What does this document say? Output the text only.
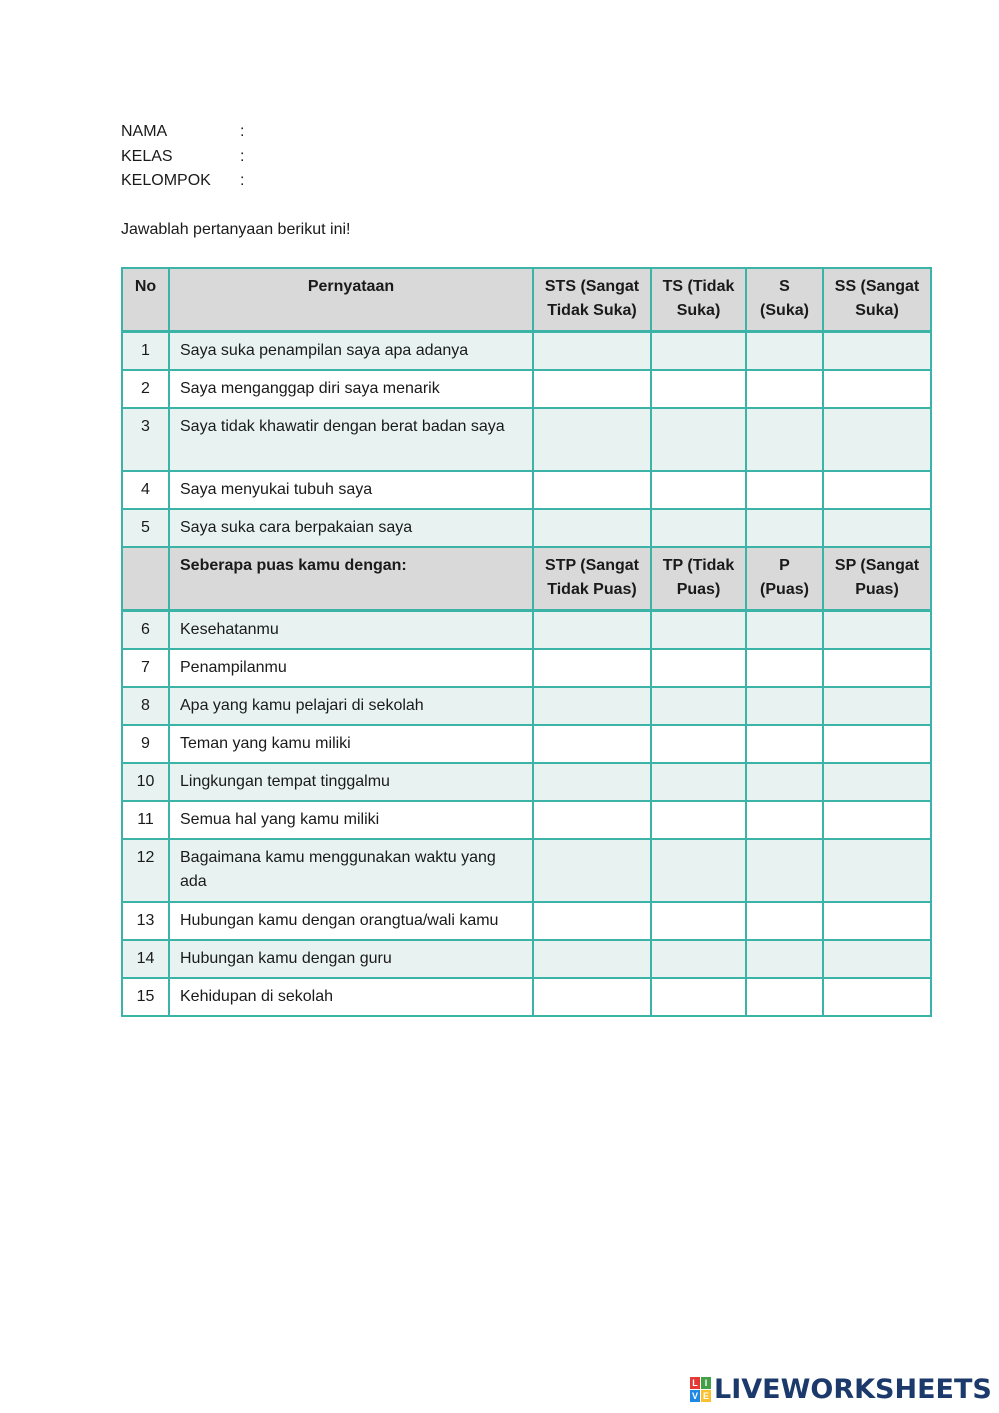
NAMA	:
KELAS	:
KELOMPOK	:
Jawablah pertanyaan berikut ini!
No	Pernyataan	STS (Sangat Tidak Suka)	TS (Tidak Suka)	S (Suka)	SS (Sangat Suka)
1	Saya suka penampilan saya apa adanya				
2	Saya menganggap diri saya menarik				
3	Saya tidak khawatir dengan berat badan saya				
4	Saya menyukai tubuh saya				
5	Saya suka cara berpakaian saya				
	Seberapa puas kamu dengan:	STP (Sangat Tidak Puas)	TP (Tidak Puas)	P (Puas)	SP (Sangat Puas)
6	Kesehatanmu				
7	Penampilanmu				
8	Apa yang kamu pelajari di sekolah				
9	Teman yang kamu miliki				
10	Lingkungan tempat tinggalmu				
11	Semua hal yang kamu miliki				
12	Bagaimana kamu menggunakan waktu yang ada				
13	Hubungan kamu dengan orangtua/wali kamu				
14	Hubungan kamu dengan guru				
15	Kehidupan di sekolah				
L I
V E LIVEWORKSHEETS
